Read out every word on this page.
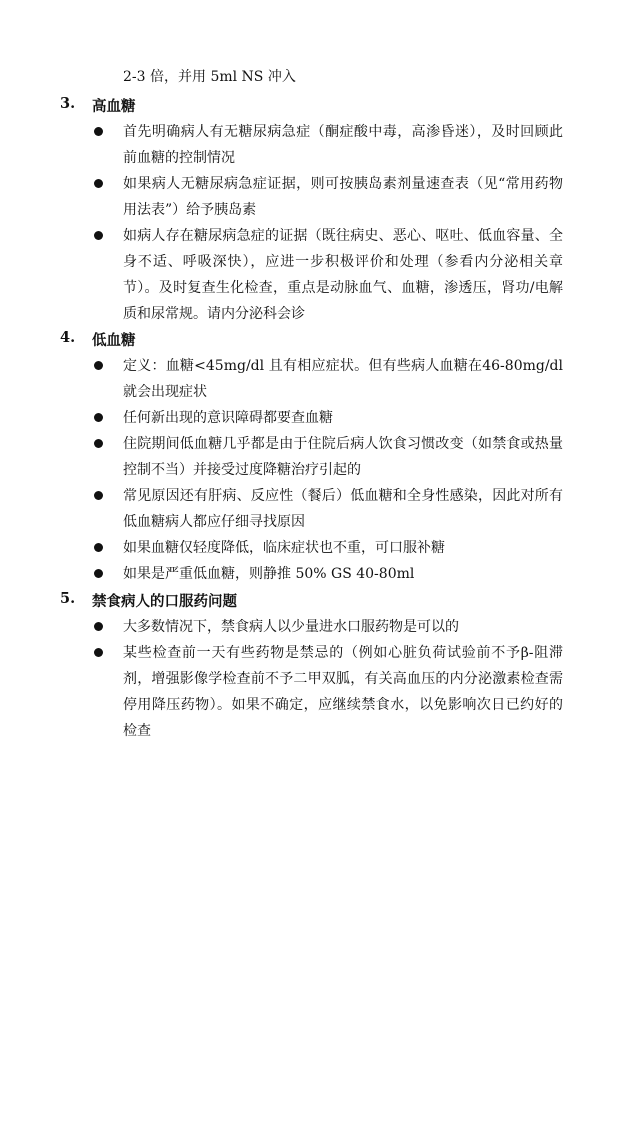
2-3 倍，并用 5ml NS 冲入
3. 高血糖
首先明确病人有无糖尿病急症（酮症酸中毒，高渗昏迷），及时回顾此前血糖的控制情况
如果病人无糖尿病急症证据，则可按胰岛素剂量速查表（见“常用药物用法表”）给予胰岛素
如病人存在糖尿病急症的证据（既往病史、恶心、呕吐、低血容量、全身不适、呼吸深快），应进一步积极评价和处理（参看内分泌相关章节）。及时复查生化检查，重点是动脉血气、血糖，渗透压，肾功/电解质和尿常规。请内分泌科会诊
4. 低血糖
定义：血糖<45mg/dl 且有相应症状。但有些病人血糖在46-80mg/dl 就会出现症状
任何新出现的意识障碍都要查血糖
住院期间低血糖几乎都是由于住院后病人饮食习惯改变（如禁食或热量控制不当）并接受过度降糖治疗引起的
常见原因还有肝病、反应性（餐后）低血糖和全身性感染，因此对所有低血糖病人都应仔细寻找原因
如果血糖仅轻度降低，临床症状也不重，可口服补糖
如果是严重低血糖，则静推 50% GS 40-80ml
5. 禁食病人的口服药问题
大多数情况下，禁食病人以少量进水口服药物是可以的
某些检查前一天有些药物是禁忌的（例如心脏负荷试验前不予β-阻滞剂，增强影像学检查前不予二甲双胍，有关高血压的内分泌激素检查需停用降压药物）。如果不确定，应继续禁食水，以免影响次日已约好的检查
